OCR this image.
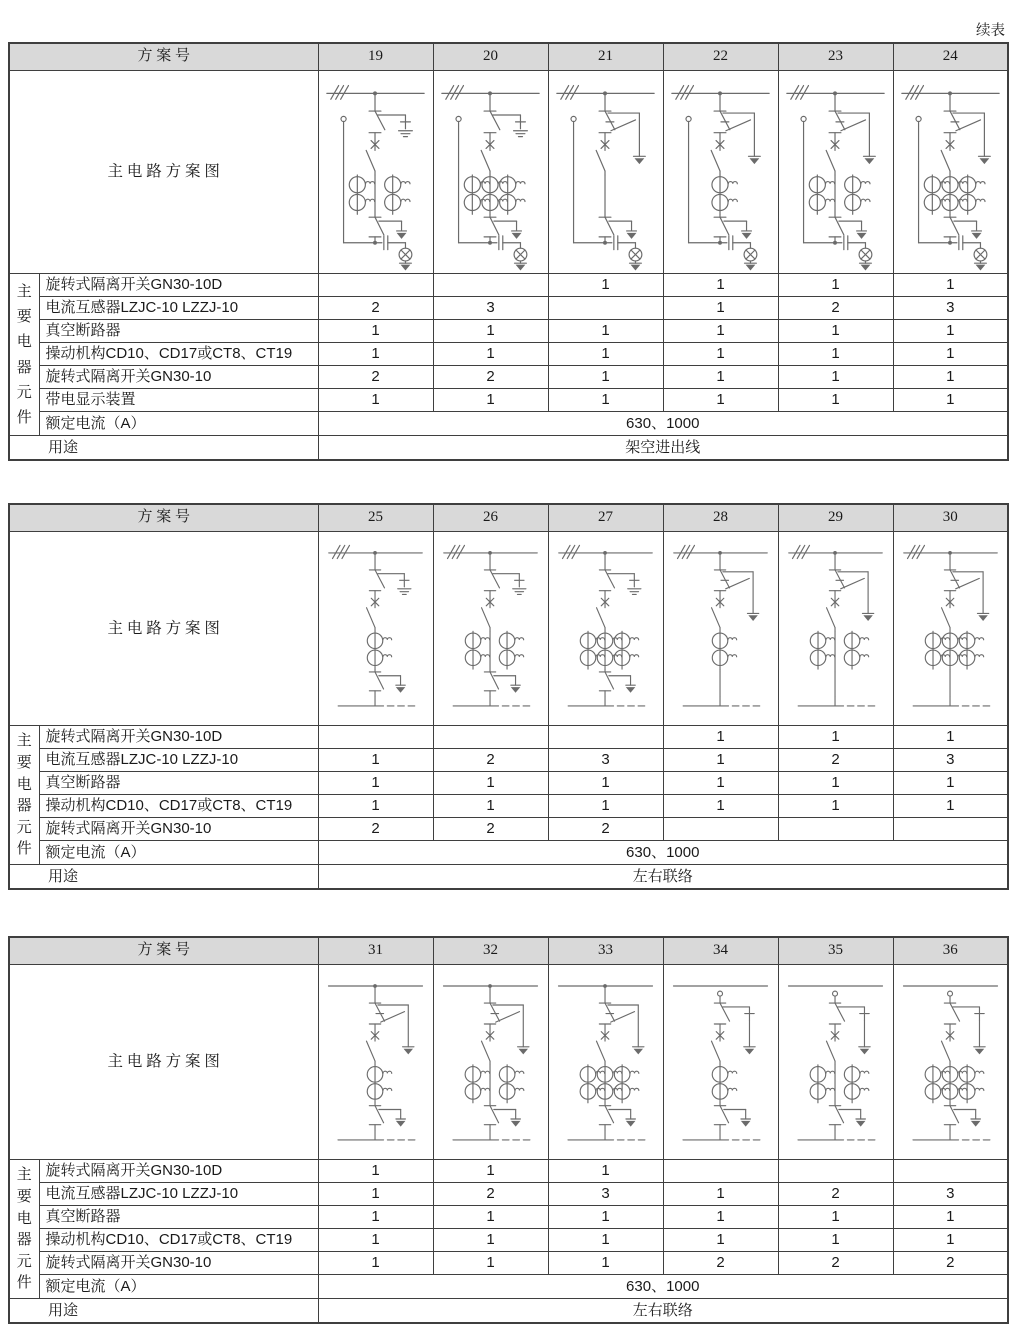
续表
方 案 号		19	20	21	22	23	24
主 电 路 方 案 图	

主
要
电
器
元
件
	旋转式隔离开关GN30-10D			1	1	1	1
	电流互感器LZJC-10 LZZJ-10	2	3		1	2	3
	真空断路器	1	1	1	1	1	1
	操动机构CD10、CD17或CT8、CT19	1	1	1	1	1	1
	旋转式隔离开关GN30-10	2	2	1	1	1	1
	带电显示装置	1	1	1	1	1	1
	额定电流（A）	630、1000					
用途		架空进出线					
方 案 号		25	26	27	28	29	30
主 电 路 方 案 图	

主
要
电
器
元
件
	旋转式隔离开关GN30-10D				1	1	1
	电流互感器LZJC-10 LZZJ-10	1	2	3	1	2	3
	真空断路器	1	1	1	1	1	1
	操动机构CD10、CD17或CT8、CT19	1	1	1	1	1	1
	旋转式隔离开关GN30-10	2	2	2			
	额定电流（A）	630、1000					
用途		左右联络					
方 案 号		31	32	33	34	35	36
主 电 路 方 案 图	

主
要
电
器
元
件
	旋转式隔离开关GN30-10D	1	1	1			
	电流互感器LZJC-10 LZZJ-10	1	2	3	1	2	3
	真空断路器	1	1	1	1	1	1
	操动机构CD10、CD17或CT8、CT19	1	1	1	1	1	1
	旋转式隔离开关GN30-10	1	1	1	2	2	2
	额定电流（A）	630、1000					
用途		左右联络					
